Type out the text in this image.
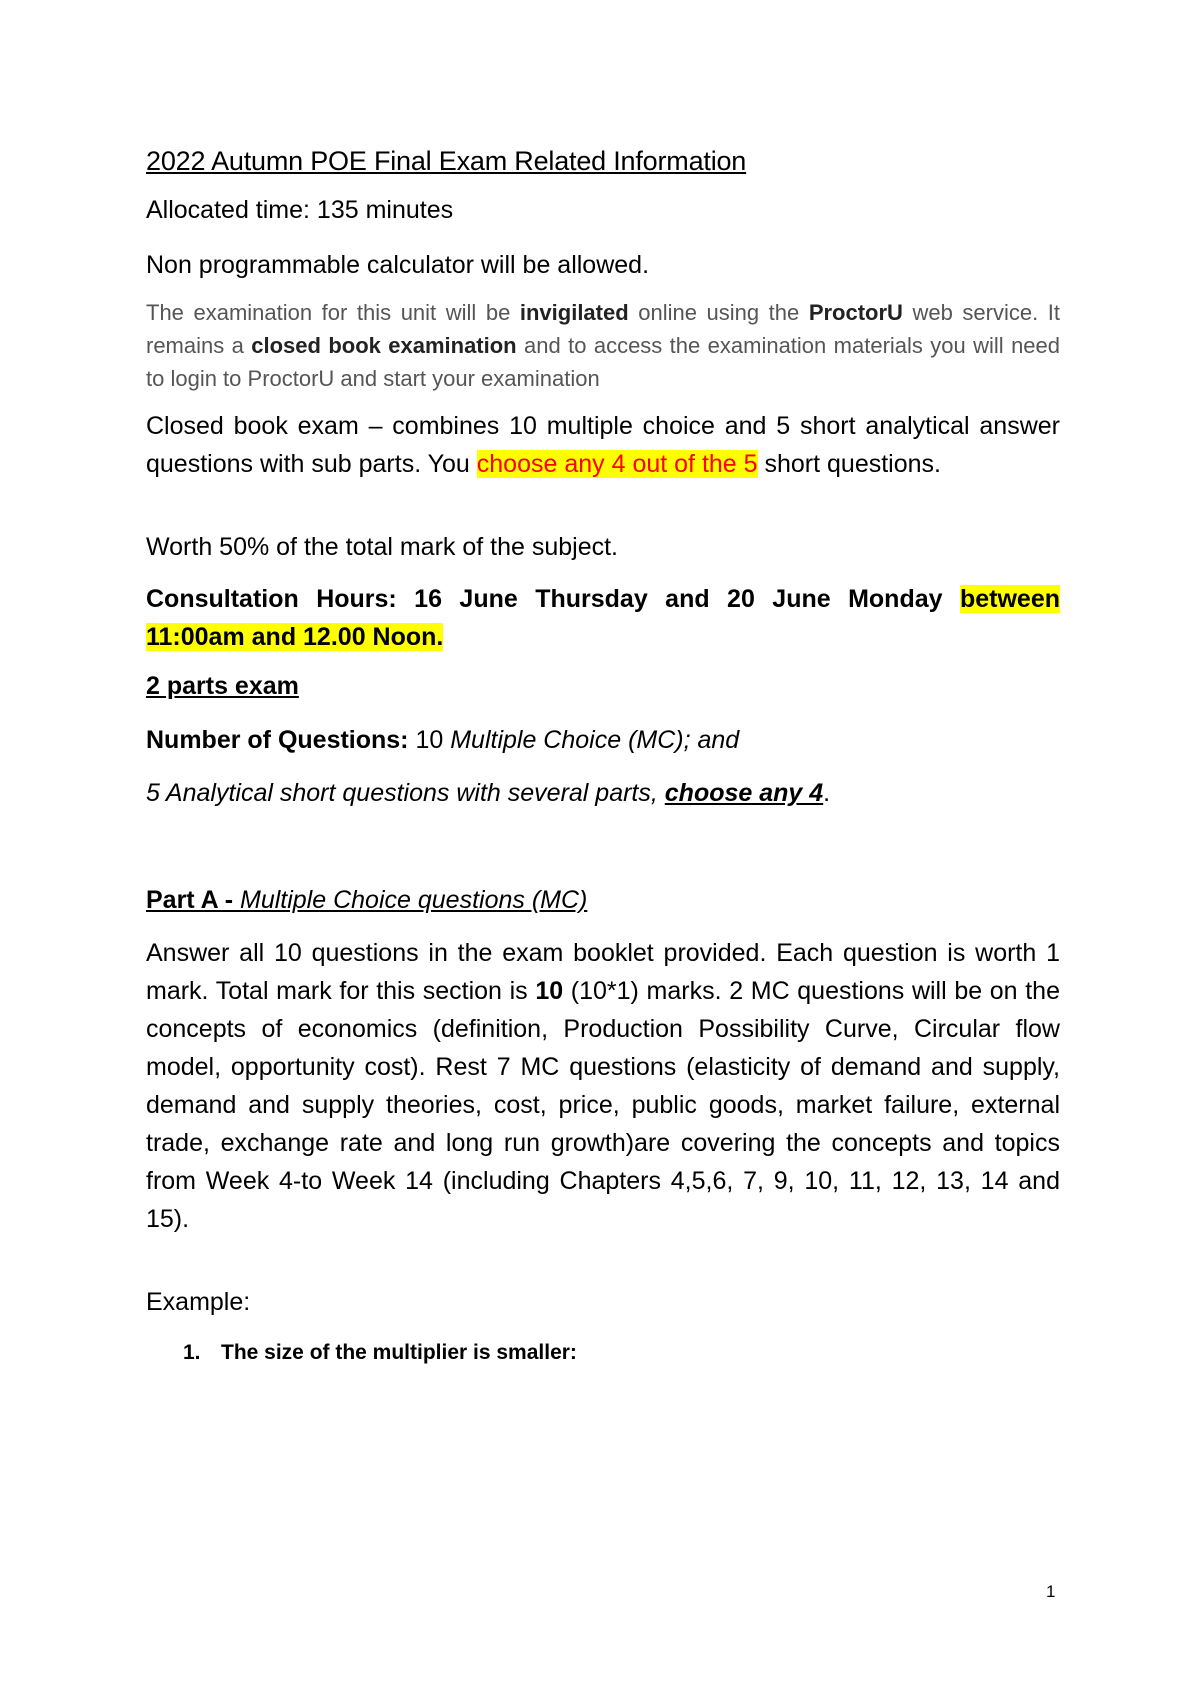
2022 Autumn POE Final Exam Related Information
Allocated time: 135 minutes
Non programmable calculator will be allowed.
The examination for this unit will be invigilated online using the ProctorU web service. It remains a closed book examination and to access the examination materials you will need to login to ProctorU and start your examination
Closed book exam – combines 10 multiple choice and 5 short analytical answer questions with sub parts. You choose any 4 out of the 5 short questions.
Worth 50% of the total mark of the subject.
Consultation Hours: 16 June Thursday and 20 June Monday between 11:00am and 12.00 Noon.
2 parts exam
Number of Questions: 10 Multiple Choice (MC); and
5 Analytical short questions with several parts, choose any 4.
Part A - Multiple Choice questions (MC)
Answer all 10 questions in the exam booklet provided. Each question is worth 1 mark. Total mark for this section is 10 (10*1) marks. 2 MC questions will be on the concepts of economics (definition, Production Possibility Curve, Circular flow model, opportunity cost). Rest 7 MC questions (elasticity of demand and supply, demand and supply theories, cost, price, public goods, market failure, external trade, exchange rate and long run growth)are covering the concepts and topics from Week 4-to Week 14 (including Chapters 4,5,6, 7, 9, 10, 11, 12, 13, 14 and 15).
Example:
1. The size of the multiplier is smaller:
1
